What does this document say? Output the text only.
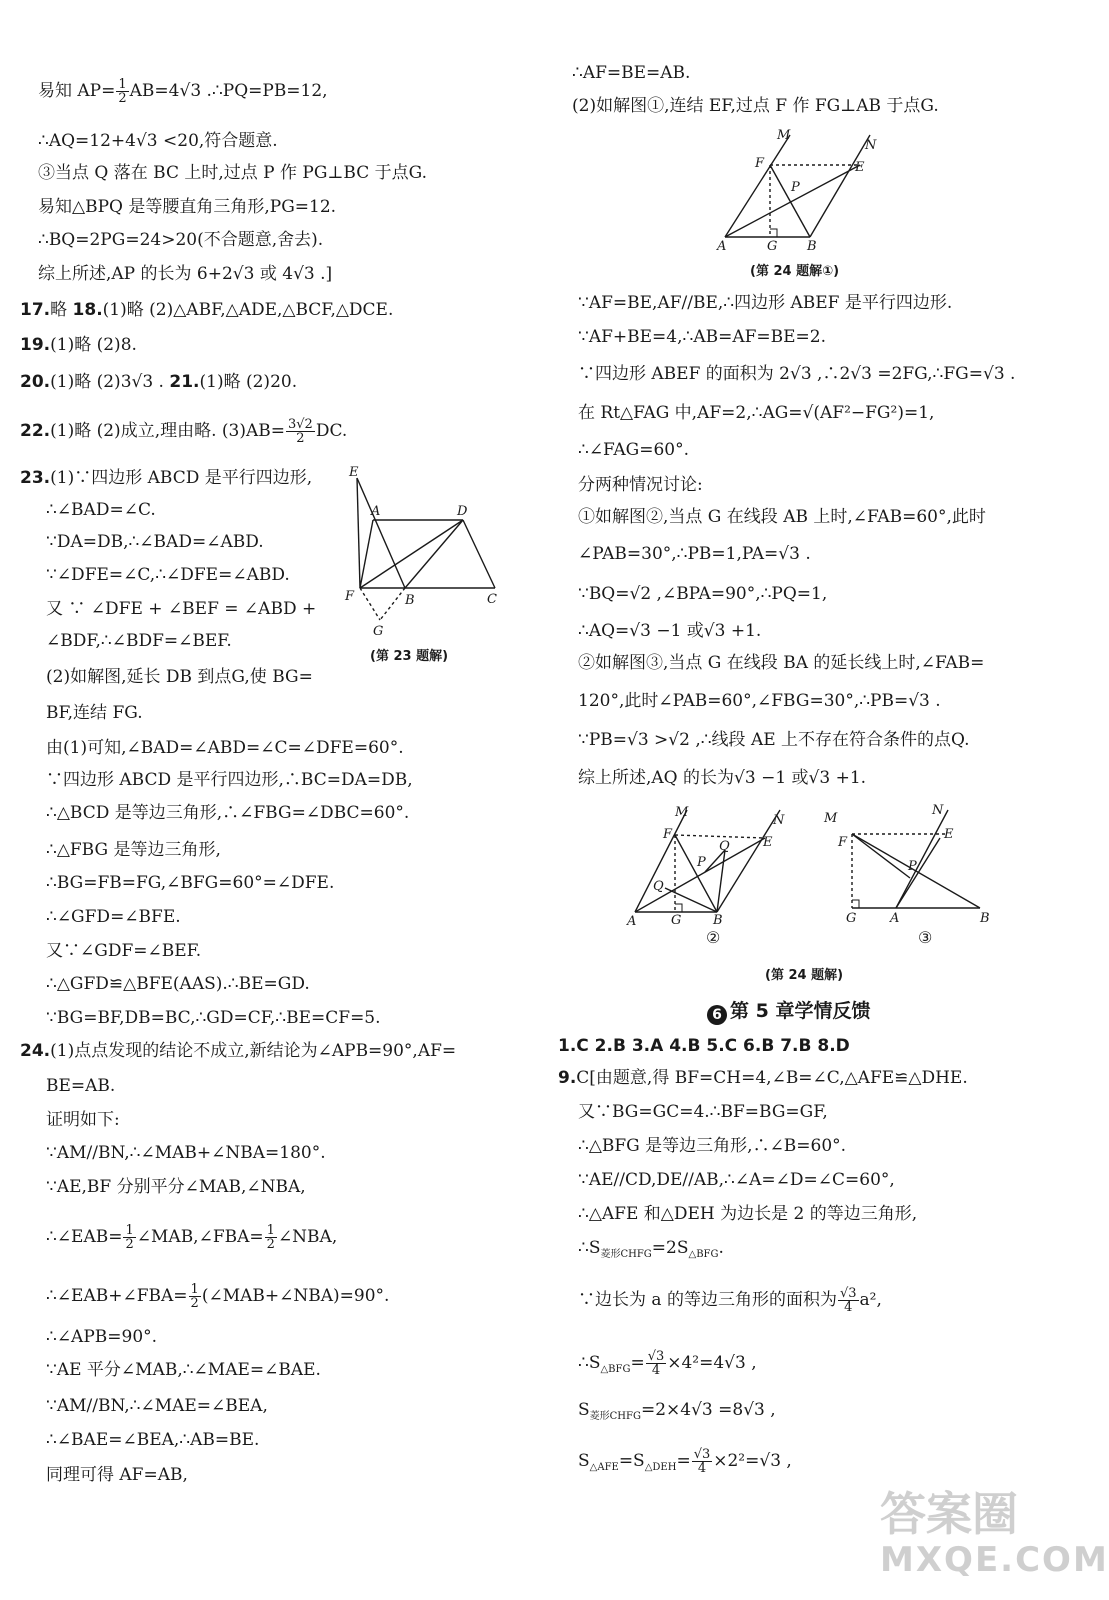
易知 $AP= \frac{1}{2} AB=4√3$ .∴PQ=PB=12,
∴AQ=12+4√3 <20,符合题意.
③当点 Q 落在 BC 上时,过点 P 作 PG⊥BC 于点G.
易知△BPQ 是等腰直角三角形,PG=12.
∴BQ=2PG=24>20(不合题意,舍去).
综上所述,AP 的长为 6+2√3 或 4√3 .]
17.略 18.(1)略 (2)△ABF,△ADE,△BCF,△DCE.
19.(1)略 (2)8.
20.(1)略 (2)3√3 . 21.(1)略 (2)20.
22.(1)略 (2)成立,理由略. $(3)AB= \frac{3√2}{2}$ DC.
23.(1)∵四边形 ABCD 是平行四边形,
∴∠BAD=∠C.
∵DA=DB,∴∠BAD=∠ABD.
∵∠DFE=∠C,∴∠DFE=∠ABD.
又 ∵ ∠DFE + ∠BEF = ∠ABD +
∠BDF,∴∠BDF=∠BEF.
(2)如解图,延长 DB 到点G,使 BG=
BF,连结 FG.
由(1)可知,∠BAD=∠ABD=∠C=∠DFE=60°.
∵四边形 ABCD 是平行四边形,∴BC=DA=DB,
∴△BCD 是等边三角形,∴∠FBG=∠DBC=60°.
∴△FBG 是等边三角形,
∴BG=FB=FG,∠BFG=60°=∠DFE.
∴∠GFD=∠BFE.
又∵∠GDF=∠BEF.
∴△GFD≌△BFE(AAS).∴BE=GD.
∵BG=BF,DB=BC,∴GD=CF,∴BE=CF=5.
24.(1)点点发现的结论不成立,新结论为∠APB=90°,AF=
BE=AB.
证明如下:
∵AM//BN,∴∠MAB+∠NBA=180°.
∵AE,BF 分别平分∠MAB,∠NBA,
∴∠EAB= $\frac{1}{2}$ ∠MAB,∠FBA= $\frac{1}{2}$ ∠NBA,
∴∠EAB+∠FBA= $\frac{1}{2}$ (∠MAB+∠NBA)=90°.
∴∠APB=90°.
∵AE 平分∠MAB,∴∠MAE=∠BAE.
∵AM//BN,∴∠MAE=∠BEA,
∴∠BAE=∠BEA,∴AB=BE.
同理可得 AF=AB,
E
A	D
F	B	C
G
(第 23 题解)
∴AF=BE=AB.
(2)如解图①,连结 EF,过点 F 作 FG⊥AB 于点G.
M
F
N
E
P
A	G B
(第 24 题解①)
∵AF=BE,AF//BE,∴四边形 ABEF 是平行四边形.
∵AF+BE=4,∴AB=AF=BE=2.
∵四边形 ABEF 的面积为 2√3 ,∴2√3 =2FG,∴FG=√3 .
在 Rt△FAG 中,AF=2,∴AG=√(AF²−FG²)=1,
∴∠FAG=60°.
分两种情况讨论:
①如解图②,当点 G 在线段 AB 上时,∠FAB=60°,此时
∠PAB=30°,∴PB=1,PA=√3 .
∵BQ=√2 ,∠BPA=90°,∴PQ=1,
∴AQ=√3 −1 或√3 +1.
②如解图③,当点 G 在线段 BA 的延长线上时,∠FAB=
120°,此时∠PAB=60°,∠FBG=30°,∴PB=√3 .
∵PB=√3 >√2 ,∴线段 AE 上不存在符合条件的点Q.
综上所述,AQ 的长为√3 −1 或√3 +1.
M
F
N
E
Q
P
Q
A	G B
②
M
F
N
E
P
G	A	B
③
(第 24 题解)
6 第 5 章学情反馈
1.C 2.B 3.A 4.B 5.C 6.B 7.B 8.D
9.C[由题意,得 BF=CH=4,∠B=∠C,△AFE≌△DHE.
又∵BG=GC=4.∴BF=BG=GF,
∴△BFG 是等边三角形,∴∠B=60°.
∵AE//CD,DE//AB,∴∠A=∠D=∠C=60°,
∴△AFE 和△DEH 为边长是 2 的等边三角形,
$\therefore S_{菱形CHFG}=2S_{\triangle BFG}$.
∵边长为 a 的等边三角形的面积为 $\frac{√3}{4} a^2$,
$\therefore S_{\triangle BFG}= \frac{√3}{4} \times 4^2=4√3$ ,
$S_{菱形CHFG}=2\times 4√3 =8√3$ ,
$S_{\triangle AFE}=S_{\triangle DEH}= \frac{√3}{4} \times 2^2=√3$ ,
答案圈
MXQE.COM
